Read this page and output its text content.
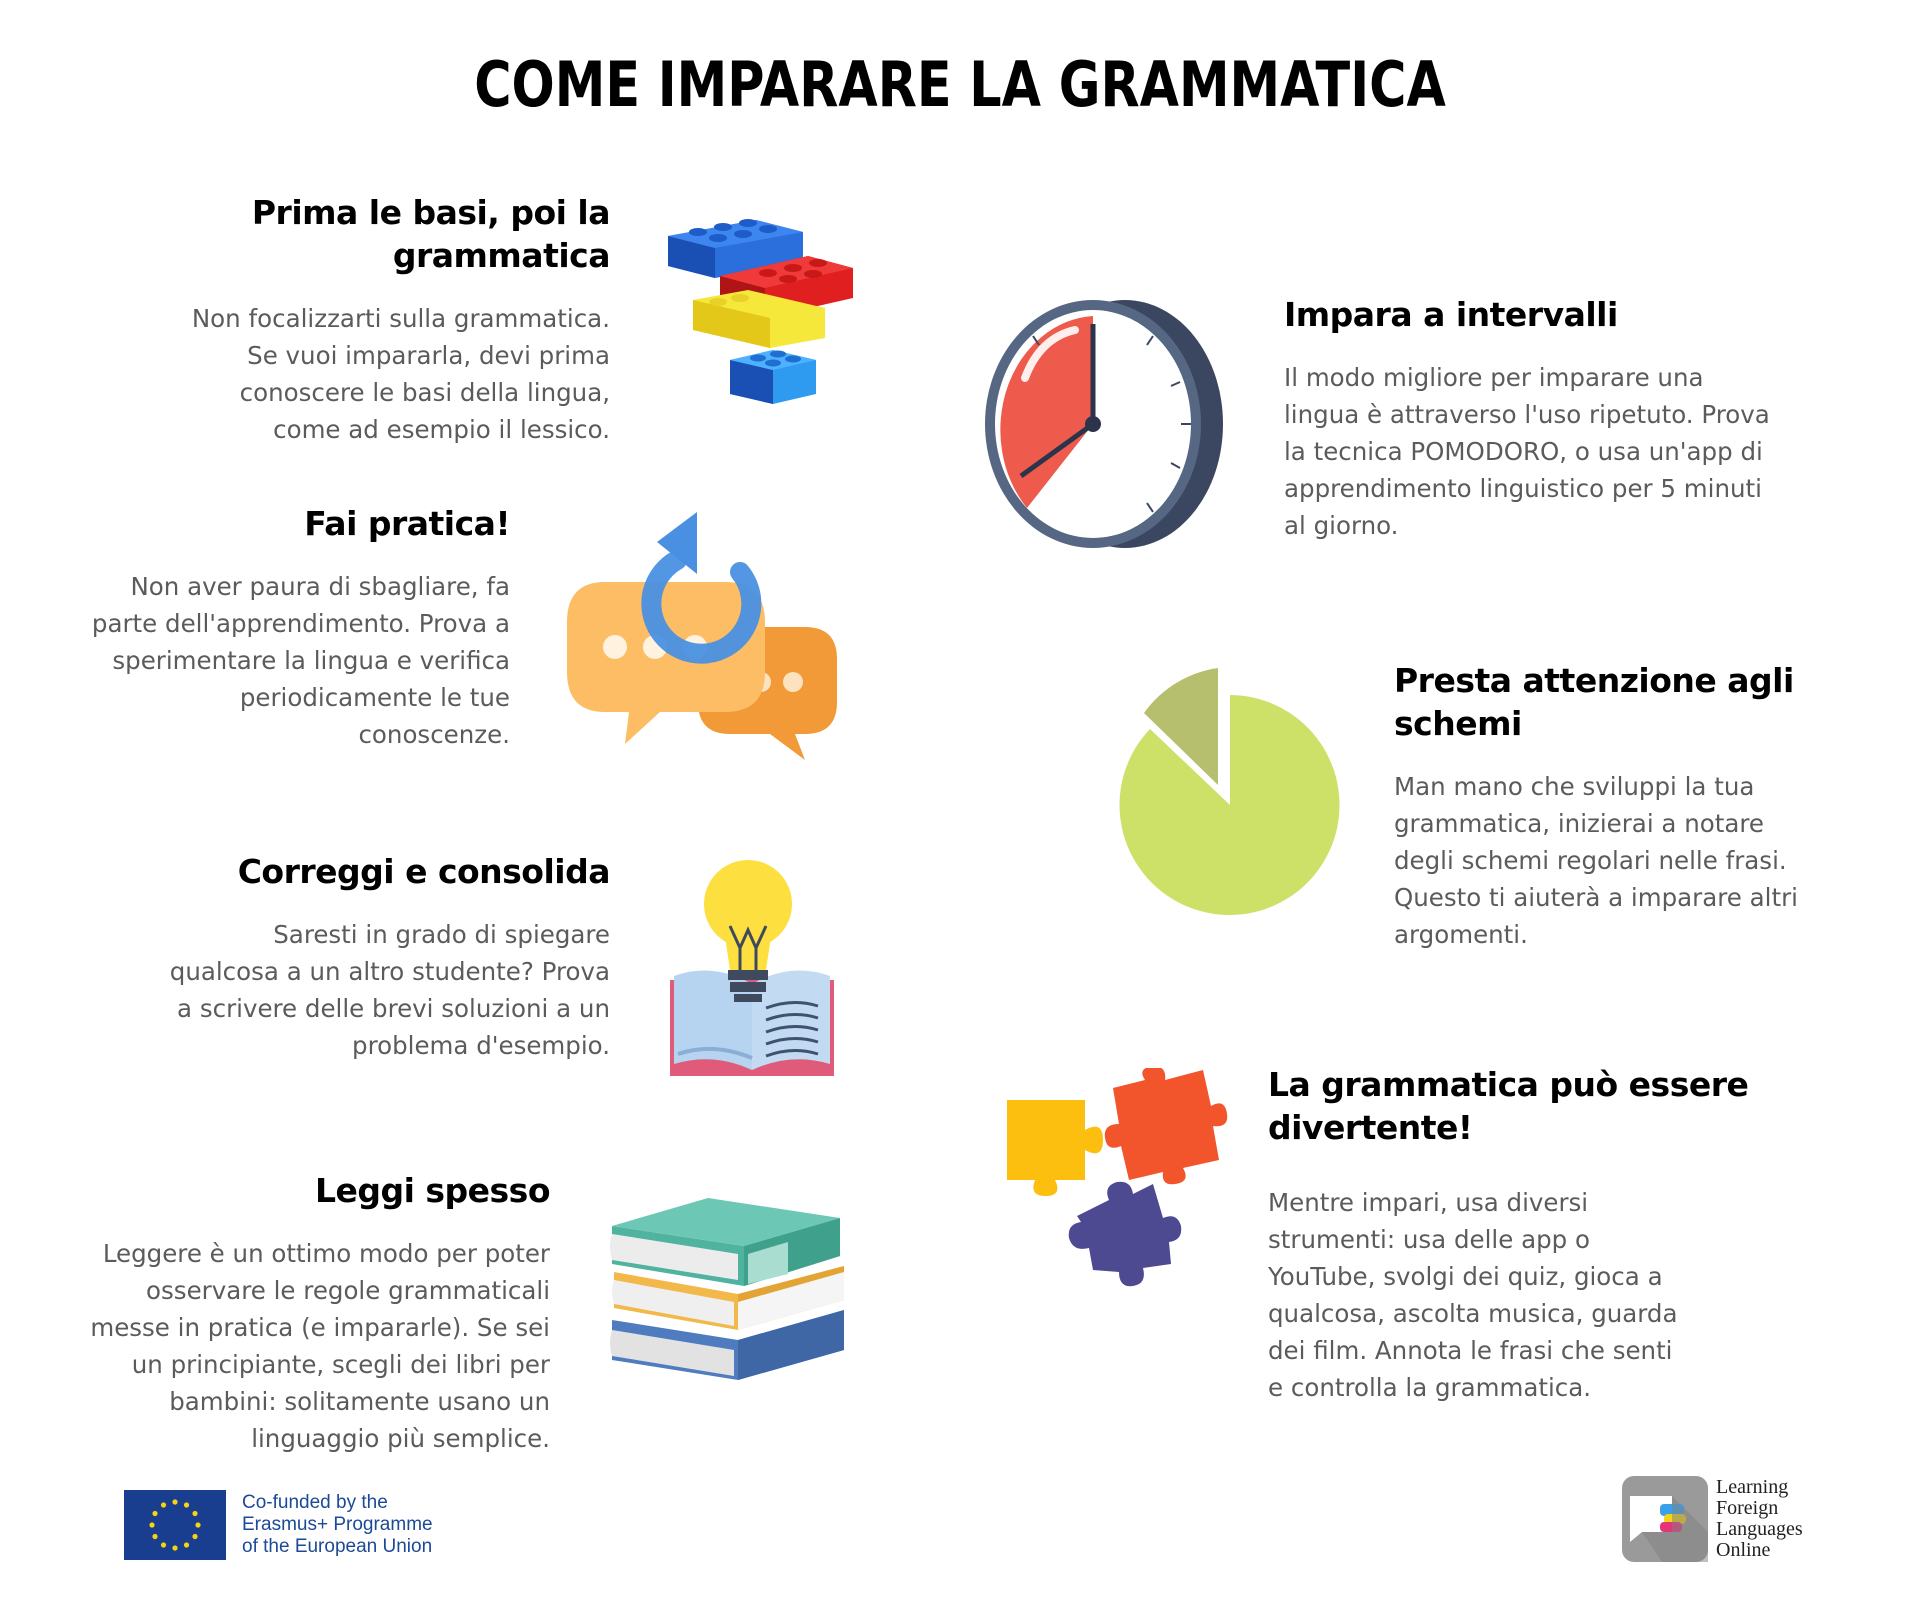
COME IMPARARE LA GRAMMATICA
Prima le basi, poi la grammatica

Non focalizzarti sulla grammatica.
Se vuoi impararla, devi prima
conoscere le basi della lingua,
come ad esempio il lessico.

Impara a intervalli

Il modo migliore per imparare una
lingua è attraverso l'uso ripetuto. Prova
la tecnica POMODORO, o usa un'app di
apprendimento linguistico per 5 minuti
al giorno.

Fai pratica!

Non aver paura di sbagliare, fa
parte dell'apprendimento. Prova a
sperimentare la lingua e verifica
periodicamente le tue
conoscenze.

Presta attenzione agli schemi

Man mano che sviluppi la tua
grammatica, inizierai a notare
degli schemi regolari nelle frasi.
Questo ti aiuterà a imparare altri
argomenti.

Correggi e consolida

Saresti in grado di spiegare
qualcosa a un altro studente? Prova
a scrivere delle brevi soluzioni a un
problema d'esempio.

La grammatica può essere
divertente!

Mentre impari, usa diversi
strumenti: usa delle app o
YouTube, svolgi dei quiz, gioca a
qualcosa, ascolta musica, guarda
dei film. Annota le frasi che senti
e controlla la grammatica.

Leggi spesso

Leggere è un ottimo modo per poter
osservare le regole grammaticali
messe in pratica (e impararle). Se sei
un principiante, scegli dei libri per
bambini: solitamente usano un
linguaggio più semplice.

Co-funded by the
Erasmus+ Programme
of the European Union
Learning
Foreign
Languages
Online
